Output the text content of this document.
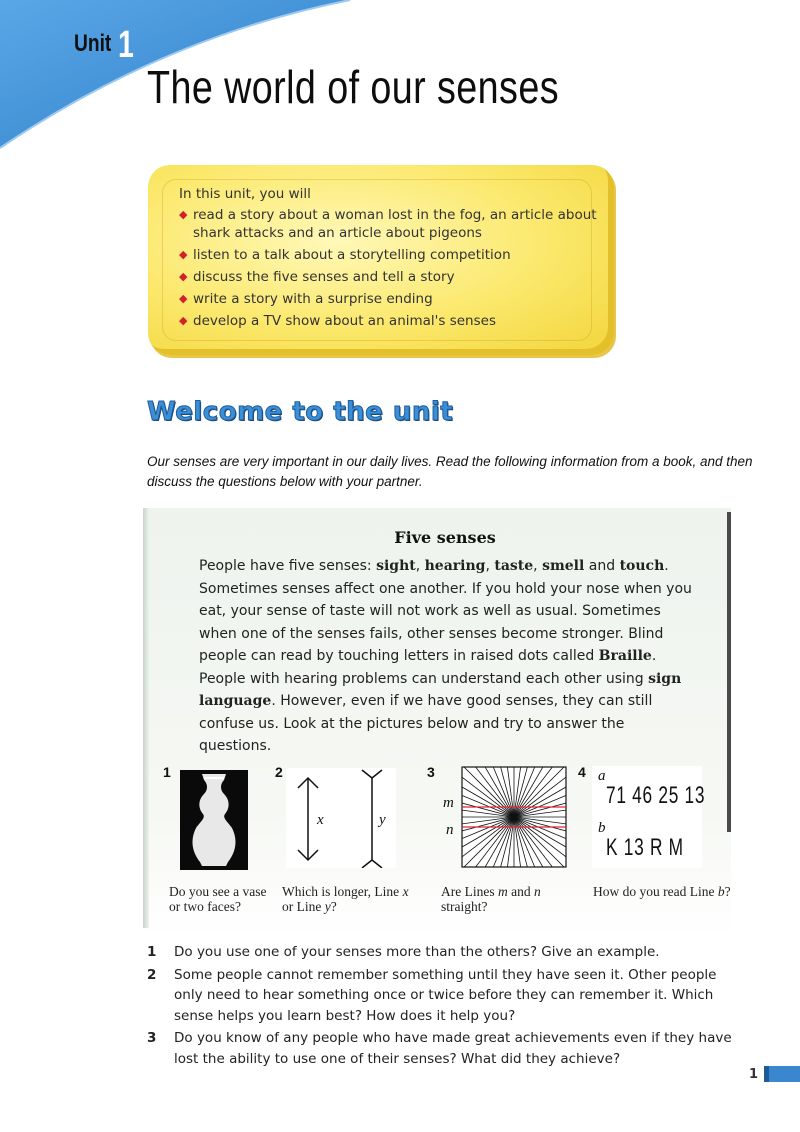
Unit 1
The world of our senses
In this unit, you will
◆ read a story about a woman lost in the fog, an article about shark attacks and an article about pigeons
◆ listen to a talk about a storytelling competition
◆ discuss the five senses and tell a story
◆ write a story with a surprise ending
◆ develop a TV show about an animal's senses
Welcome to the unit
Our senses are very important in our daily lives. Read the following information from a book, and then discuss the questions below with your partner.
Five senses
People have five senses: sight, hearing, taste, smell and touch. Sometimes senses affect one another. If you hold your nose when you eat, your sense of taste will not work as well as usual. Sometimes when one of the senses fails, other senses become stronger. Blind people can read by touching letters in raised dots called Braille. People with hearing problems can understand each other using sign language. However, even if we have good senses, they can still confuse us. Look at the pictures below and try to answer the questions.
1
Do you see a vase or two faces?
2
x	y
Which is longer, Line x or Line y?
3
m
n
Are Lines m and n straight?
4 a
71 46 25 13
b
K 13 R M
How do you read Line b?
1 Do you use one of your senses more than the others? Give an example.
2 Some people cannot remember something until they have seen it. Other people only need to hear something once or twice before they can remember it. Which sense helps you learn best? How does it help you?
3 Do you know of any people who have made great achievements even if they have lost the ability to use one of their senses? What did they achieve?
1
